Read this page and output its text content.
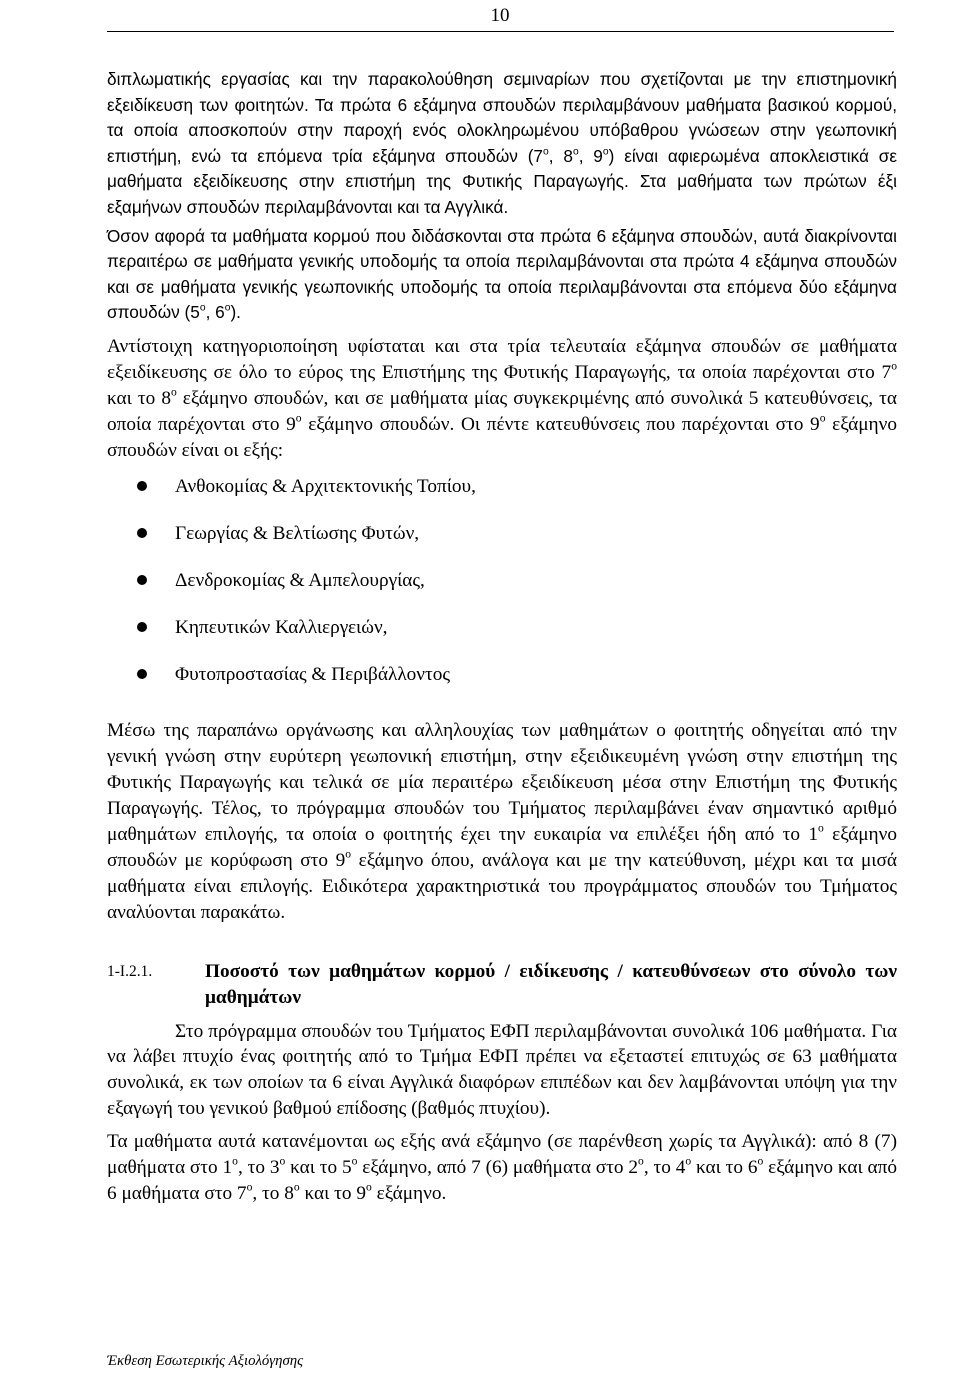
10

διπλωματικής εργασίας και την παρακολούθηση σεμιναρίων που σχετίζονται με την επιστημονική εξειδίκευση των φοιτητών. Τα πρώτα 6 εξάμηνα σπουδών περιλαμβάνουν μαθήματα βασικού κορμού, τα οποία αποσκοπούν στην παροχή ενός ολοκληρωμένου υπόβαθρου γνώσεων στην γεωπονική επιστήμη, ενώ τα επόμενα τρία εξάμηνα σπουδών ($7^o$, $8^o$, $9^o$) είναι αφιερωμένα αποκλειστικά σε μαθήματα εξειδίκευσης στην επιστήμη της Φυτικής Παραγωγής. Στα μαθήματα των πρώτων έξι εξαμήνων σπουδών περιλαμβάνονται και τα Αγγλικά.

Όσον αφορά τα μαθήματα κορμού που διδάσκονται στα πρώτα 6 εξάμηνα σπουδών, αυτά διακρίνονται περαιτέρω σε μαθήματα γενικής υποδομής τα οποία περιλαμβάνονται στα πρώτα 4 εξάμηνα σπουδών και σε μαθήματα γενικής γεωπονικής υποδομής τα οποία περιλαμβάνονται στα επόμενα δύο εξάμηνα σπουδών ($5^o$, $6^o$).

Αντίστοιχη κατηγοριοποίηση υφίσταται και στα τρία τελευταία εξάμηνα σπουδών σε μαθήματα εξειδίκευσης σε όλο το εύρος της Επιστήμης της Φυτικής Παραγωγής, τα οποία παρέχονται στο $7^o$ και το $8^o$ εξάμηνο σπουδών, και σε μαθήματα μίας συγκεκριμένης από συνολικά 5 κατευθύνσεις, τα οποία παρέχονται στο $9^o$ εξάμηνο σπουδών. Οι πέντε κατευθύνσεις που παρέχονται στο $9^o$ εξάμηνο σπουδών είναι οι εξής:

Ανθοκομίας & Αρχιτεκτονικής Τοπίου,
Γεωργίας & Βελτίωσης Φυτών,
Δενδροκομίας & Αμπελουργίας,
Κηπευτικών Καλλιεργειών,
Φυτοπροστασίας & Περιβάλλοντος

Μέσω της παραπάνω οργάνωσης και αλληλουχίας των μαθημάτων ο φοιτητής οδηγείται από την γενική γνώση στην ευρύτερη γεωπονική επιστήμη, στην εξειδικευμένη γνώση στην επιστήμη της Φυτικής Παραγωγής και τελικά σε μία περαιτέρω εξειδίκευση μέσα στην Επιστήμη της Φυτικής Παραγωγής. Τέλος, το πρόγραμμα σπουδών του Τμήματος περιλαμβάνει έναν σημαντικό αριθμό μαθημάτων επιλογής, τα οποία ο φοιτητής έχει την ευκαιρία να επιλέξει ήδη από το $1^o$ εξάμηνο σπουδών με κορύφωση στο $9^o$ εξάμηνο όπου, ανάλογα και με την κατεύθυνση, μέχρι και τα μισά μαθήματα είναι επιλογής. Ειδικότερα χαρακτηριστικά του προγράμματος σπουδών του Τμήματος αναλύονται παρακάτω.

1-Ι.2.1.	Ποσοστό των μαθημάτων κορμού / ειδίκευσης / κατευθύνσεων στο σύνολο των μαθημάτων

Στο πρόγραμμα σπουδών του Τμήματος ΕΦΠ περιλαμβάνονται συνολικά 106 μαθήματα. Για να λάβει πτυχίο ένας φοιτητής από το Τμήμα ΕΦΠ πρέπει να εξεταστεί επιτυχώς σε 63 μαθήματα συνολικά, εκ των οποίων τα 6 είναι Αγγλικά διαφόρων επιπέδων και δεν λαμβάνονται υπόψη για την εξαγωγή του γενικού βαθμού επίδοσης (βαθμός πτυχίου).

Τα μαθήματα αυτά κατανέμονται ως εξής ανά εξάμηνο (σε παρένθεση χωρίς τα Αγγλικά): από 8 (7) μαθήματα στο $1^o$, το $3^o$ και το $5^o$ εξάμηνο, από 7 (6) μαθήματα στο $2^o$, το $4^o$ και το $6^o$ εξάμηνο και από 6 μαθήματα στο $7^o$, το $8^o$ και το $9^o$ εξάμηνο.

Έκθεση Εσωτερικής Αξιολόγησης
